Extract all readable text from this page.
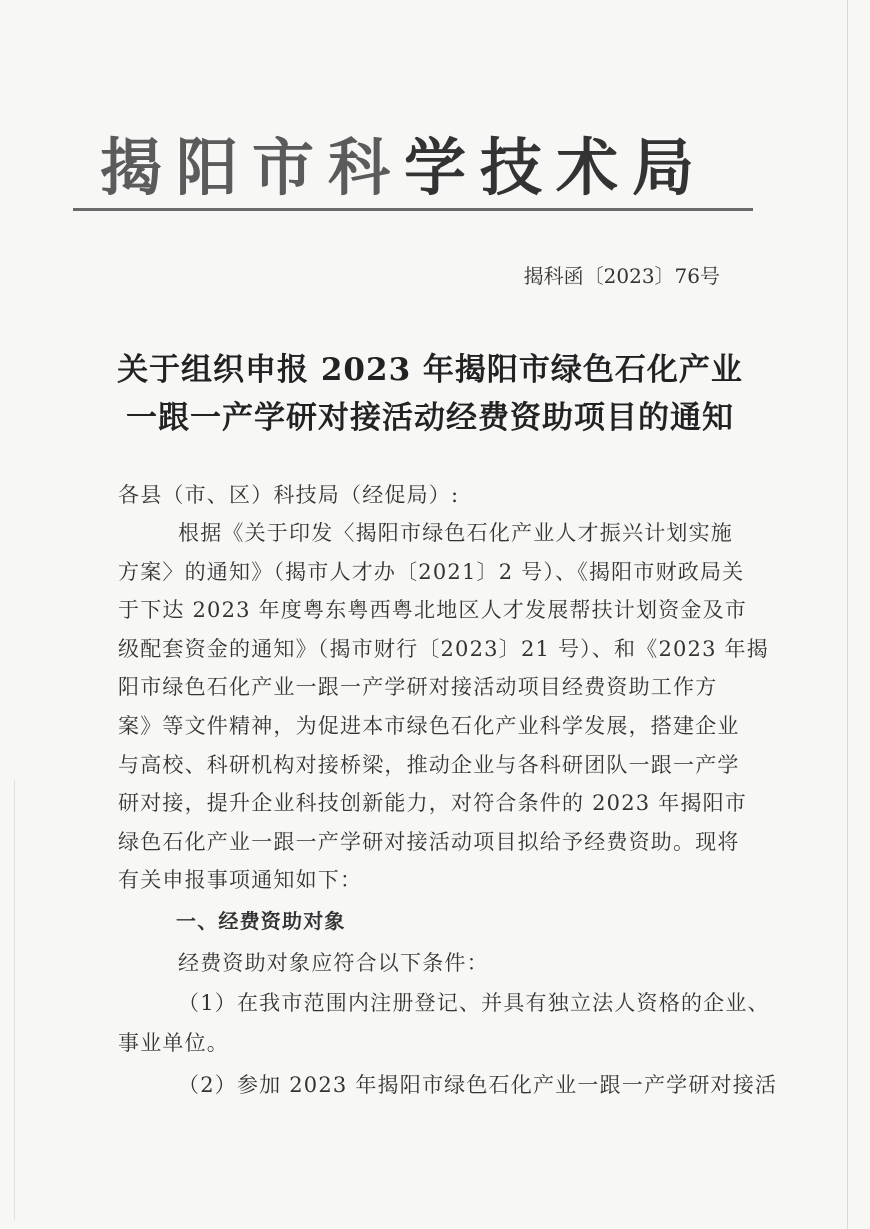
揭阳市科学技术局
揭科函〔2023〕76号
关于组织申报 2023 年揭阳市绿色石化产业
一跟一产学研对接活动经费资助项目的通知
各县（市、区）科技局（经促局）:
根据《关于印发〈揭阳市绿色石化产业人才振兴计划实施
方案〉的通知》（揭市人才办〔2021〕2 号）、《揭阳市财政局关
于下达 2023 年度粤东粤西粤北地区人才发展帮扶计划资金及市
级配套资金的通知》（揭市财行〔2023〕21 号）、和《2023 年揭
阳市绿色石化产业一跟一产学研对接活动项目经费资助工作方
案》等文件精神，为促进本市绿色石化产业科学发展，搭建企业
与高校、科研机构对接桥梁，推动企业与各科研团队一跟一产学
研对接，提升企业科技创新能力，对符合条件的 2023 年揭阳市
绿色石化产业一跟一产学研对接活动项目拟给予经费资助。现将
有关申报事项通知如下：
一、经费资助对象
经费资助对象应符合以下条件：
（1）在我市范围内注册登记、并具有独立法人资格的企业、
事业单位。
（2）参加 2023 年揭阳市绿色石化产业一跟一产学研对接活
